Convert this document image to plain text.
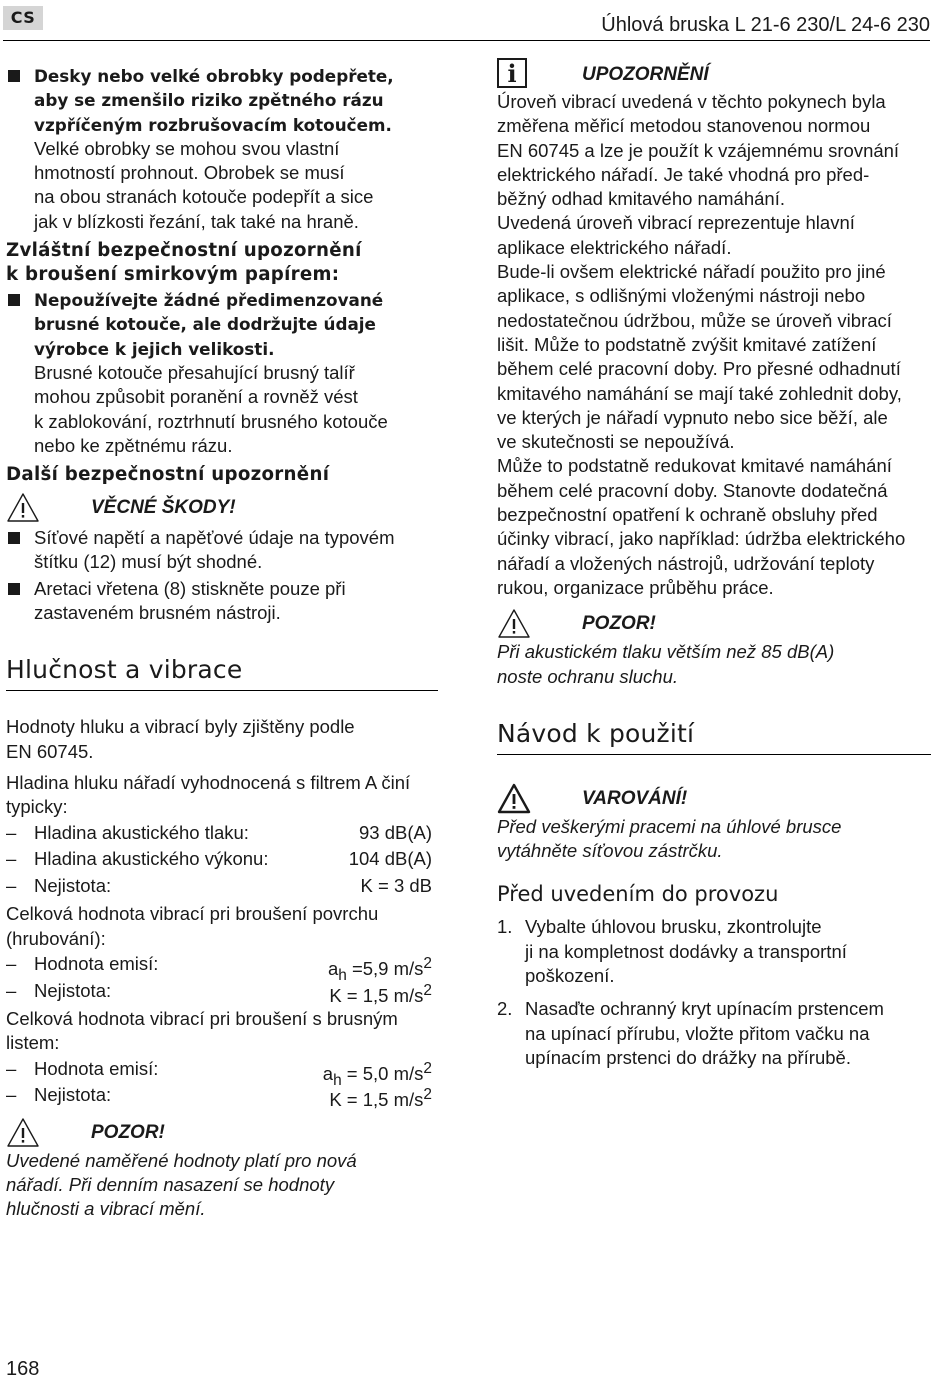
CS	Úhlová bruska L 21-6 230/L 24-6 230
Desky nebo velké obrobky podepřete,
aby se zmenšilo riziko zpětného rázu
vzpříčeným rozbrušovacím kotoučem.
Velké obrobky se mohou svou vlastní
hmotností prohnout. Obrobek se musí
na obou stranách kotouče podepřít a sice
jak v blízkosti řezání, tak také na hraně.
Zvláštní bezpečnostní upozornění
k broušení smirkovým papírem:
Nepoužívejte žádné předimenzované
brusné kotouče, ale dodržujte údaje
výrobce k jejich velikosti.
Brusné kotouče přesahující brusný talíř
mohou způsobit poranění a rovněž vést
k zablokování, roztrhnutí brusného kotouče
nebo ke zpětnému rázu.
Další bezpečnostní upozornění
VĚCNÉ ŠKODY!
Síťové napětí a napěťové údaje na typovém
štítku (12) musí být shodné.
Aretaci vřetena (8) stiskněte pouze při
zastaveném brusném nástroji.
Hlučnost a vibrace
Hodnoty hluku a vibrací byly zjištěny podle
EN 60745.
Hladina hluku nářadí vyhodnocená s filtrem A činí
typicky:
– Hladina akustického tlaku:	93 dB(A)
– Hladina akustického výkonu:	104 dB(A)
– Nejistota:	K = 3 dB
Celková hodnota vibrací pri broušení povrchu
(hrubování):
– Hodnota emisí:	$a_h =5,9$ $m/s^2$
– Nejistota:	K = 1,5 $m/s^2$
Celková hodnota vibrací pri broušení s brusným
listem:
– Hodnota emisí:	$a_h = 5,0$ $m/s^2$
– Nejistota:	K = 1,5 $m/s^2$
POZOR!
Uvedené naměřené hodnoty platí pro nová
nářadí. Při denním nasazení se hodnoty
hlučnosti a vibrací mění.
i	UPOZORNĚNÍ
Úroveň vibrací uvedená v těchto pokynech byla
změřena měřicí metodou stanovenou normou
EN 60745 a lze je použít k vzájemnému srovnání
elektrického nářadí. Je také vhodná pro před-
běžný odhad kmitavého namáhání.
Uvedená úroveň vibrací reprezentuje hlavní
aplikace elektrického nářadí.
Bude-li ovšem elektrické nářadí použito pro jiné
aplikace, s odlišnými vloženými nástroji nebo
nedostatečnou údržbou, může se úroveň vibrací
lišit. Může to podstatně zvýšit kmitavé zatížení
během celé pracovní doby. Pro přesné odhadnutí
kmitavého namáhání se mají také zohlednit doby,
ve kterých je nářadí vypnuto nebo sice běží, ale
ve skutečnosti se nepoužívá.
Může to podstatně redukovat kmitavé namáhání
během celé pracovní doby. Stanovte dodatečná
bezpečnostní opatření k ochraně obsluhy před
účinky vibrací, jako například: údržba elektrického
nářadí a vložených nástrojů, udržování teploty
rukou, organizace průběhu práce.
POZOR!
Při akustickém tlaku větším než 85 dB(A)
noste ochranu sluchu.
Návod k použití
VAROVÁNÍ!
Před veškerými pracemi na úhlové brusce
vytáhněte síťovou zástrčku.
Před uvedením do provozu
1. Vybalte úhlovou brusku, zkontrolujte
ji na kompletnost dodávky a transportní
poškození.
2. Nasaďte ochranný kryt upínacím prstencem
na upínací přírubu, vložte přitom vačku na
upínacím prstenci do drážky na přírubě.
168
